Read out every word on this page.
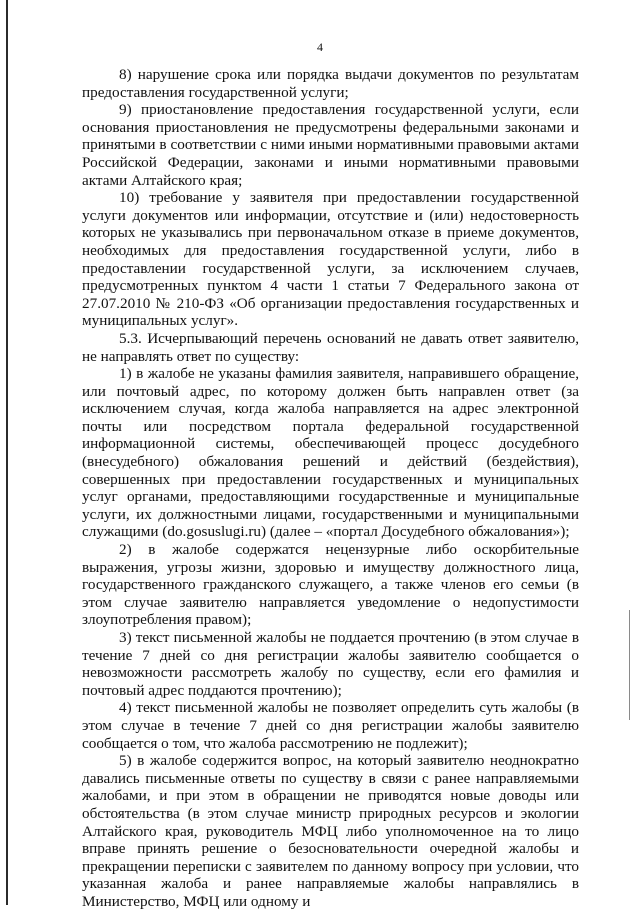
4

8) нарушение срока или порядка выдачи документов по результатам предоставления государственной услуги;

9) приостановление предоставления государственной услуги, если основания приостановления не предусмотрены федеральными законами и принятыми в соответствии с ними иными нормативными правовыми актами Российской Федерации, законами и иными нормативными правовыми актами Алтайского края;

10) требование у заявителя при предоставлении государственной услуги документов или информации, отсутствие и (или) недостоверность которых не указывались при первоначальном отказе в приеме документов, необходимых для предоставления государственной услуги, либо в предоставлении государственной услуги, за исключением случаев, предусмотренных пунктом 4 части 1 статьи 7 Федерального закона от 27.07.2010 № 210-ФЗ «Об организации предоставления государственных и муниципальных услуг».

5.3. Исчерпывающий перечень оснований не давать ответ заявителю, не направлять ответ по существу:

1) в жалобе не указаны фамилия заявителя, направившего обращение, или почтовый адрес, по которому должен быть направлен ответ (за исключением случая, когда жалоба направляется на адрес электронной почты или посредством портала федеральной государственной информационной системы, обеспечивающей процесс досудебного (внесудебного) обжалования решений и действий (бездействия), совершенных при предоставлении государственных и муниципальных услуг органами, предоставляющими государственные и муниципальные услуги, их должностными лицами, государственными и муниципальными служащими (do.gosuslugi.ru) (далее – «портал Досудебного обжалования»);

2) в жалобе содержатся нецензурные либо оскорбительные выражения, угрозы жизни, здоровью и имуществу должностного лица, государственного гражданского служащего, а также членов его семьи (в этом случае заявителю направляется уведомление о недопустимости злоупотребления правом);

3) текст письменной жалобы не поддается прочтению (в этом случае в течение 7 дней со дня регистрации жалобы заявителю сообщается о невозможности рассмотреть жалобу по существу, если его фамилия и почтовый адрес поддаются прочтению);

4) текст письменной жалобы не позволяет определить суть жалобы (в этом случае в течение 7 дней со дня регистрации жалобы заявителю сообщается о том, что жалоба рассмотрению не подлежит);

5) в жалобе содержится вопрос, на который заявителю неоднократно давались письменные ответы по существу в связи с ранее направляемыми жалобами, и при этом в обращении не приводятся новые доводы или обстоятельства (в этом случае министр природных ресурсов и экологии Алтайского края, руководитель МФЦ либо уполномоченное на то лицо вправе принять решение о безосновательности очередной жалобы и прекращении переписки с заявителем по данному вопросу при условии, что указанная жалоба и ранее направляемые жалобы направлялись в Министерство, МФЦ или одному и
